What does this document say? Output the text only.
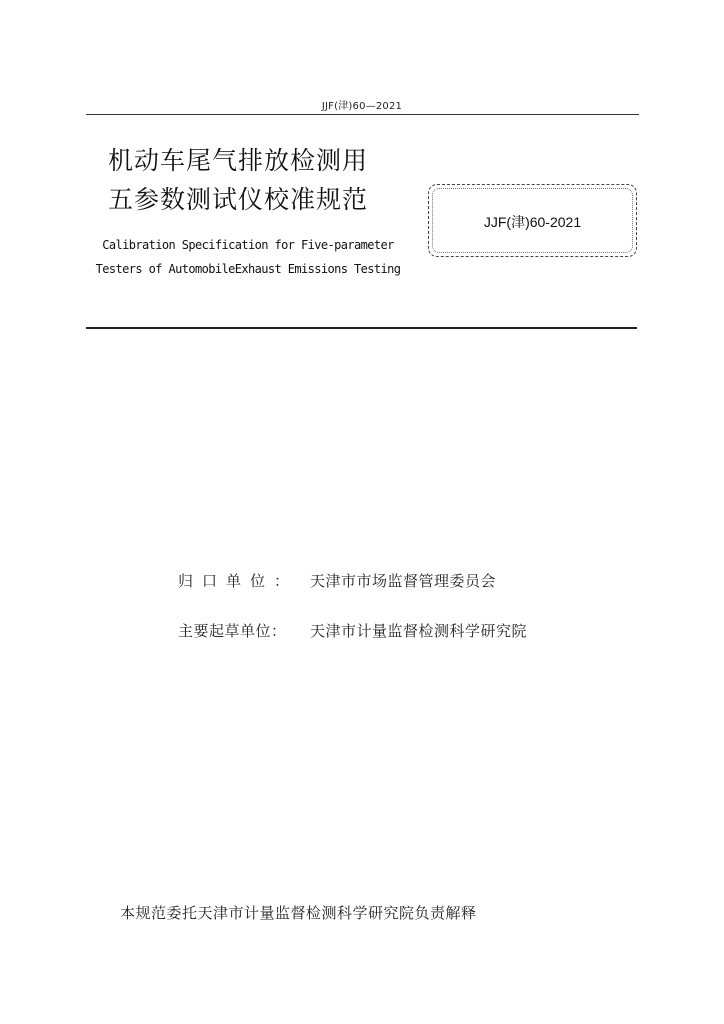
JJF(津)60—2021
机动车尾气排放检测用
五参数测试仪校准规范
Calibration Specification for Five-parameter
Testers of AutomobileExhaust Emissions Testing
JJF(津)60-2021
归口单位： 天津市市场监督管理委员会
主要起草单位： 天津市计量监督检测科学研究院
本规范委托天津市计量监督检测科学研究院负责解释
